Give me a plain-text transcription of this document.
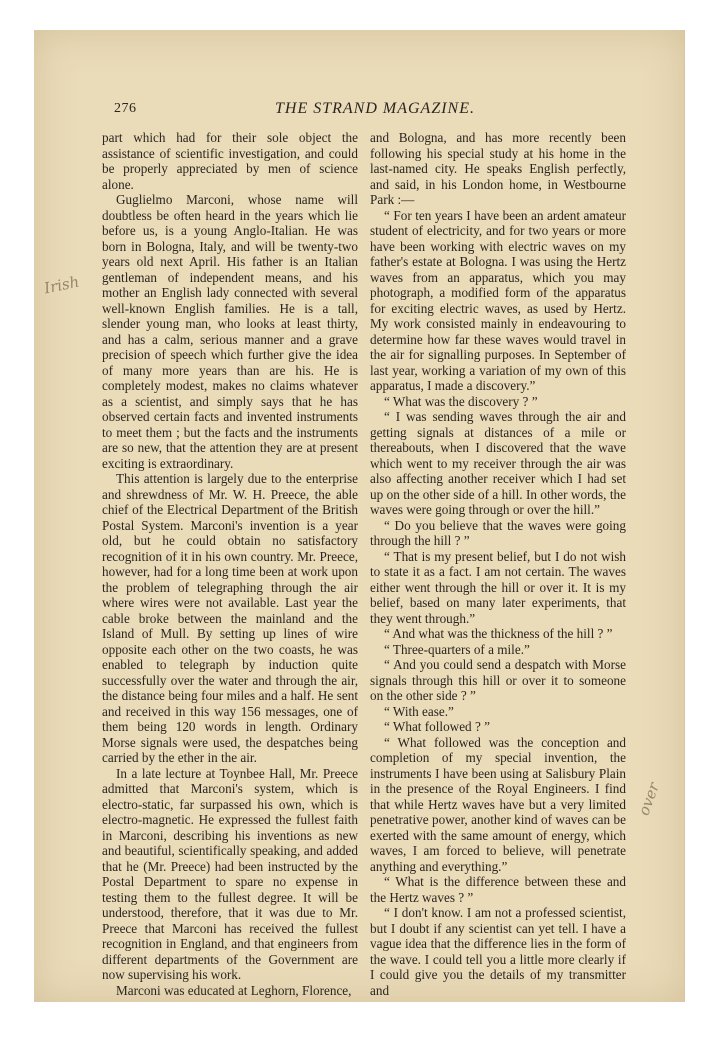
276	THE STRAND MAGAZINE.
Irish
over

part which had for their sole object the assistance of scientific investigation, and could be properly appreciated by men of science alone.

Guglielmo Marconi, whose name will doubtless be often heard in the years which lie before us, is a young Anglo-Italian. He was born in Bologna, Italy, and will be twenty-two years old next April. His father is an Italian gentleman of independent means, and his mother an English lady connected with several well-known English families. He is a tall, slender young man, who looks at least thirty, and has a calm, serious manner and a grave precision of speech which further give the idea of many more years than are his. He is completely modest, makes no claims whatever as a scientist, and simply says that he has observed certain facts and invented instruments to meet them ; but the facts and the instruments are so new, that the attention they are at present exciting is extraordinary.

This attention is largely due to the enterprise and shrewdness of Mr. W. H. Preece, the able chief of the Electrical Department of the British Postal System. Marconi's invention is a year old, but he could obtain no satisfactory recognition of it in his own country. Mr. Preece, however, had for a long time been at work upon the problem of telegraphing through the air where wires were not available. Last year the cable broke between the mainland and the Island of Mull. By setting up lines of wire opposite each other on the two coasts, he was enabled to telegraph by induction quite successfully over the water and through the air, the distance being four miles and a half. He sent and received in this way 156 messages, one of them being 120 words in length. Ordinary Morse signals were used, the despatches being carried by the ether in the air.

In a late lecture at Toynbee Hall, Mr. Preece admitted that Marconi's system, which is electro-static, far surpassed his own, which is electro-magnetic. He expressed the fullest faith in Marconi, describing his inventions as new and beautiful, scientifically speaking, and added that he (Mr. Preece) had been instructed by the Postal Department to spare no expense in testing them to the fullest degree. It will be understood, therefore, that it was due to Mr. Preece that Marconi has received the fullest recognition in England, and that engineers from different departments of the Government are now supervising his work.

Marconi was educated at Leghorn, Florence,

and Bologna, and has more recently been following his special study at his home in the last-named city. He speaks English perfectly, and said, in his London home, in Westbourne Park :—

“ For ten years I have been an ardent amateur student of electricity, and for two years or more have been working with electric waves on my father's estate at Bologna. I was using the Hertz waves from an apparatus, which you may photograph, a modified form of the apparatus for exciting electric waves, as used by Hertz. My work consisted mainly in endeavouring to determine how far these waves would travel in the air for signalling purposes. In September of last year, working a variation of my own of this apparatus, I made a discovery.”

“ What was the discovery ? ”

“ I was sending waves through the air and getting signals at distances of a mile or thereabouts, when I discovered that the wave which went to my receiver through the air was also affecting another receiver which I had set up on the other side of a hill. In other words, the waves were going through or over the hill.”

“ Do you believe that the waves were going through the hill ? ”

“ That is my present belief, but I do not wish to state it as a fact. I am not certain. The waves either went through the hill or over it. It is my belief, based on many later experiments, that they went through.”

“ And what was the thickness of the hill ? ”

“ Three-quarters of a mile.”

“ And you could send a despatch with Morse signals through this hill or over it to someone on the other side ? ”

“ With ease.”

“ What followed ? ”

“ What followed was the conception and completion of my special invention, the instruments I have been using at Salisbury Plain in the presence of the Royal Engineers. I find that while Hertz waves have but a very limited penetrative power, another kind of waves can be exerted with the same amount of energy, which waves, I am forced to believe, will penetrate anything and everything.”

“ What is the difference between these and the Hertz waves ? ”

“ I don't know. I am not a professed scientist, but I doubt if any scientist can yet tell. I have a vague idea that the difference lies in the form of the wave. I could tell you a little more clearly if I could give you the details of my transmitter and
